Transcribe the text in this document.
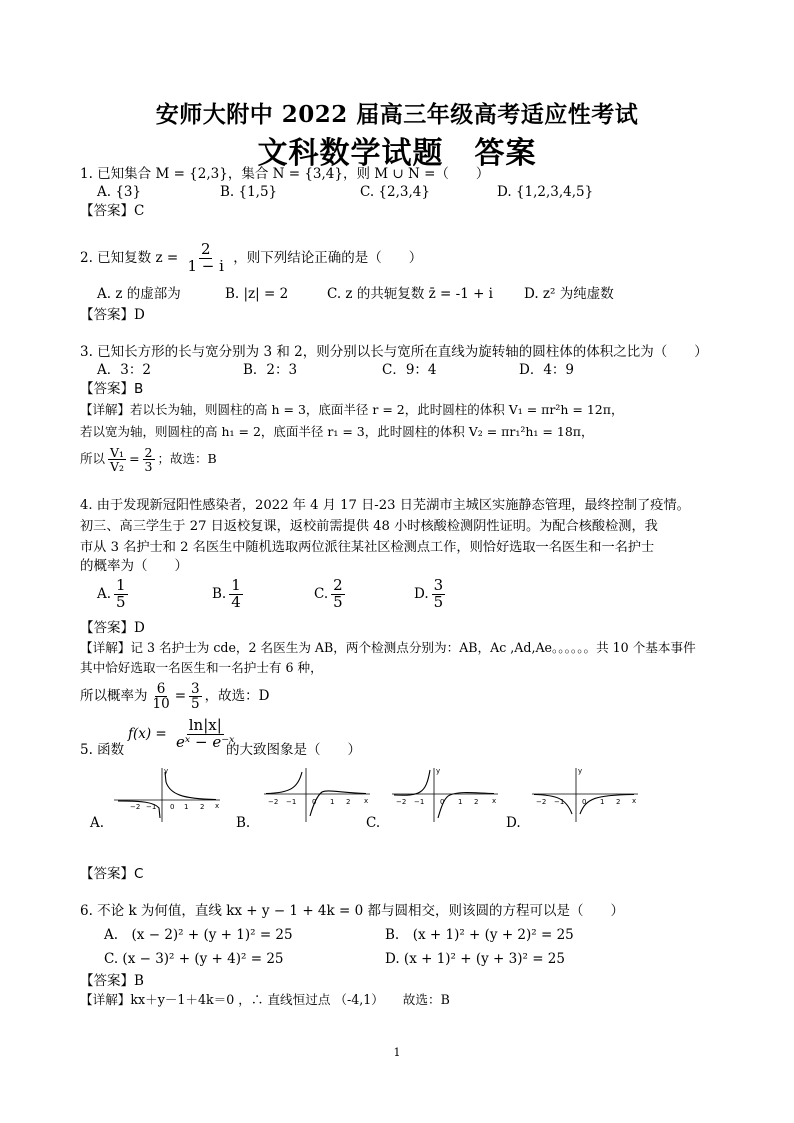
安师大附中 2022 届高三年级高考适应性考试
文科数学试题　答案
1. 已知集合 M = {2,3}，集合 N = {3,4}，则 M ∪ N =（　　）
A. {3}	B. {1,5}	C. {2,3,4}	D. {1,2,3,4,5}
【答案】C
2. 已知复数 $z = \frac{2}{1 - i}$ ，则下列结论正确的是（　　）
A. z 的虚部为	B. |z| = 2	C. z 的共轭复数 z̄ = -1 + i D. z² 为纯虚数
【答案】D
3. 已知长方形的长与宽分别为 3 和 2，则分别以长与宽所在直线为旋转轴的圆柱体的体积之比为（　　）
A．3：2	B．2：3	C．9：4	D．4：9
【答案】B
【详解】若以长为轴，则圆柱的高 h = 3，底面半径 r = 2，此时圆柱的体积 V₁ = πr²h = 12π，
若以宽为轴，则圆柱的高 h₁ = 2，底面半径 r₁ = 3，此时圆柱的体积 V₂ = πr₁²h₁ = 18π，
所以 $\frac{\text{V₁}}{\text{V₂}} = \frac{2}{3}$ ；故选：B
4. 由于发现新冠阳性感染者，2022 年 4 月 17 日-23 日芜湖市主城区实施静态管理，最终控制了疫情。
初三、高三学生于 27 日返校复课，返校前需提供 48 小时核酸检测阴性证明。为配合核酸检测，我
市从 3 名护士和 2 名医生中随机选取两位派往某社区检测点工作，则恰好选取一名医生和一名护士
的概率为（　　）
A. $\frac{1}{5}$	B. $\frac{1}{4}$	C. $\frac{2}{5}$	D. $\frac{3}{5}$
【答案】D
【详解】记 3 名护士为 cde，2 名医生为 AB，两个检测点分别为：AB，Ac ,Ad,Ae。。。。。。共 10 个基本事件
其中恰好选取一名医生和一名护士有 6 种，
所以概率为 $\frac{6}{10} = \frac{3}{5}$ ，故选：D
5. 函数
$f(x) = \frac{\ln|x|}{\text{eˣ − e⁻ˣ}}$
的大致图象是（　　）
−2 −1 0 1 2 x
y
A.
−2 −1 0 1 2 x
B.
−2 −1 0 1 2 x
y
C.
−2 −1	0 1 2 x
y
D.
【答案】C
6. 不论 k 为何值，直线 kx + y − 1 + 4k = 0 都与圆相交，则该圆的方程可以是（　　）
A.　(x − 2)² + (y + 1)² = 25	B.　(x + 1)² + (y + 2)² = 25
C. (x − 3)² + (y + 4)² = 25	D. (x + 1)² + (y + 3)² = 25
【答案】B
【详解】kx＋y－1＋4k＝0 ，∴ 直线恒过点 （-4,1）　　故选：B
1
